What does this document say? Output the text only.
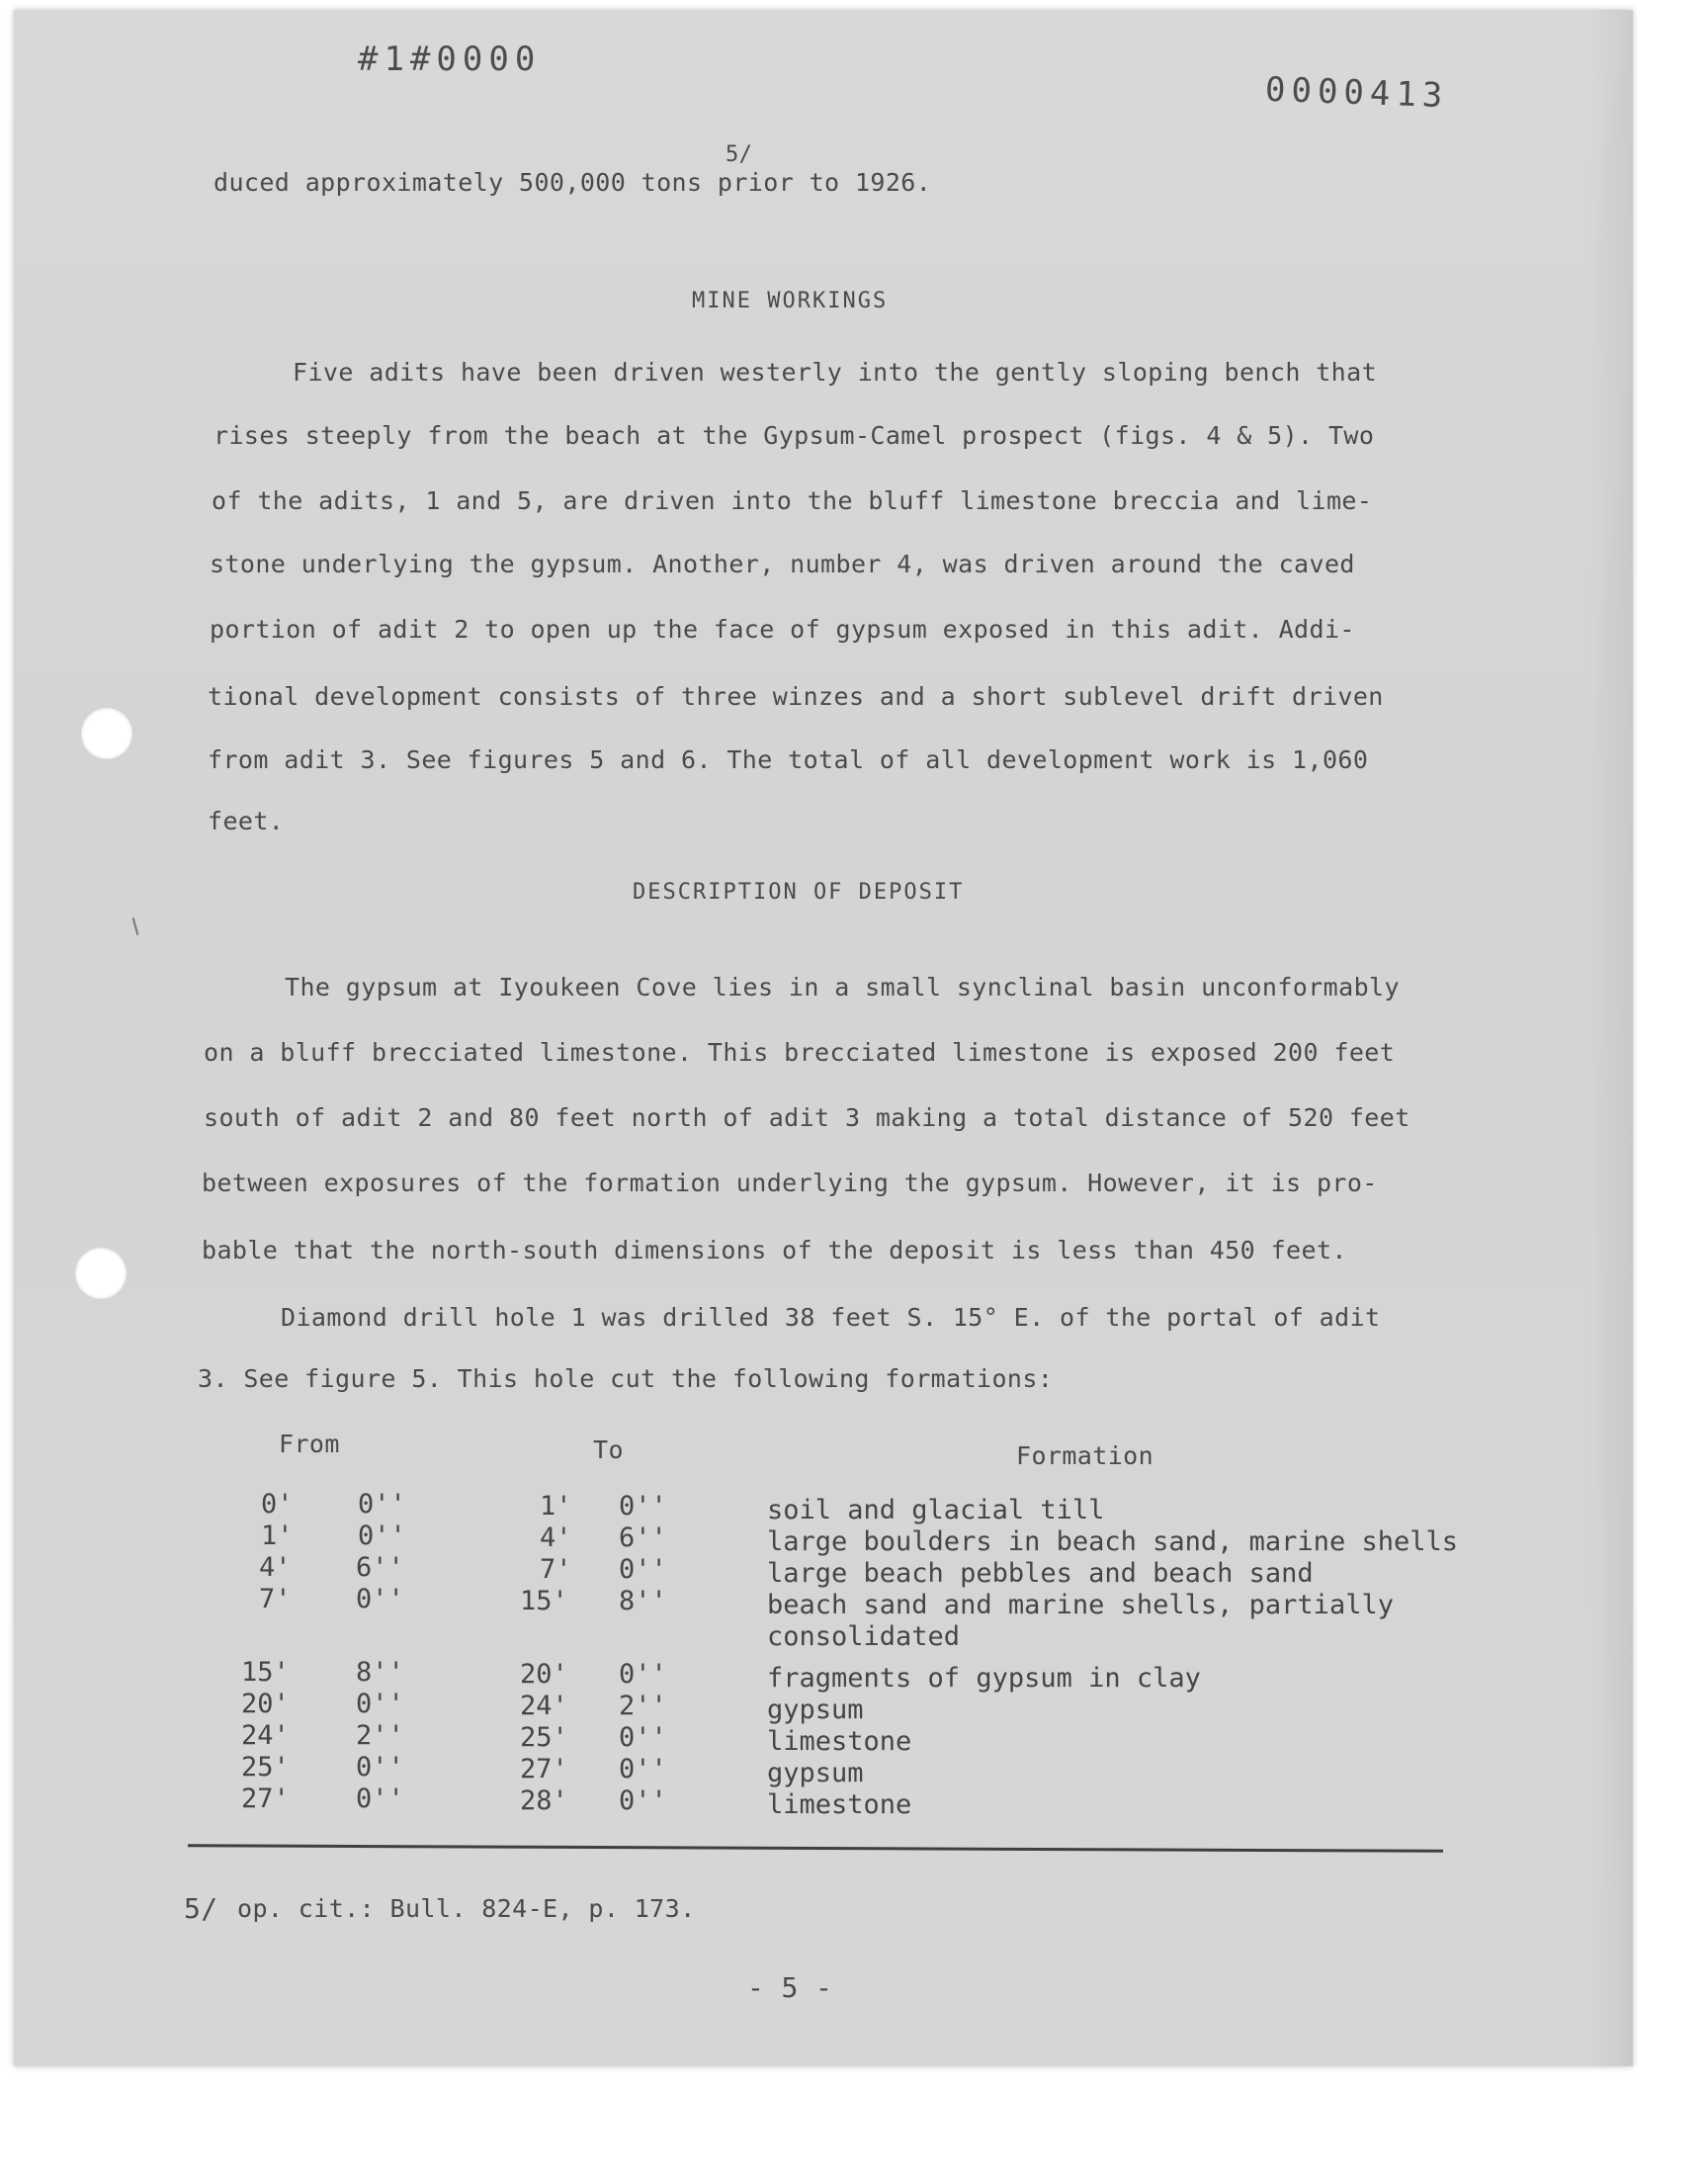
#1#0000
0000413
5/
duced approximately 500,000 tons prior to 1926.
MINE WORKINGS
Five adits have been driven westerly into the gently sloping bench that
rises steeply from the beach at the Gypsum-Camel prospect (figs. 4 & 5). Two
of the adits, 1 and 5, are driven into the bluff limestone breccia and lime-
stone underlying the gypsum. Another, number 4, was driven around the caved
portion of adit 2 to open up the face of gypsum exposed in this adit. Addi-
tional development consists of three winzes and a short sublevel drift driven
from adit 3. See figures 5 and 6. The total of all development work is 1,060
feet.
DESCRIPTION OF DEPOSIT
The gypsum at Iyoukeen Cove lies in a small synclinal basin unconformably
on a bluff brecciated limestone. This brecciated limestone is exposed 200 feet
south of adit 2 and 80 feet north of adit 3 making a total distance of 520 feet
between exposures of the formation underlying the gypsum. However, it is pro-
bable that the north-south dimensions of the deposit is less than 450 feet.
Diamond drill hole 1 was drilled 38 feet S. 15° E. of the portal of adit
3. See figure 5. This hole cut the following formations:
From	To	Formation
0' 0''	1' 0''	soil and glacial till
1' 0''	4' 6''	large boulders in beach sand, marine shells
4' 6''	7' 0''	large beach pebbles and beach sand
7' 0''	15' 8''	beach sand and marine shells, partially
consolidated
15' 8''	20' 0''	fragments of gypsum in clay
20' 0''	24' 2''	gypsum
24' 2''	25' 0''	limestone
25' 0''	27' 0''	gypsum
27' 0''	28' 0''	limestone
5/ op. cit.: Bull. 824-E, p. 173.
- 5 -
